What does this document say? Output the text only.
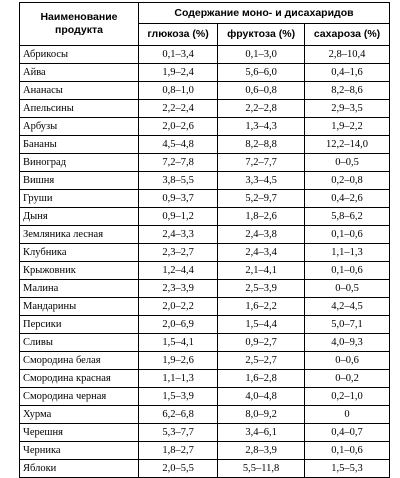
Наименование
продукта	Содержание моно- и дисахаридов		
	глюкоза (%)	фруктоза (%)	сахароза (%)
Абрикосы	0,1–3,4	0,1–3,0	2,8–10,4
Айва	1,9–2,4	5,6–6,0	0,4–1,6
Ананасы	0,8–1,0	0,6–0,8	8,2–8,6
Апельсины	2,2–2,4	2,2–2,8	2,9–3,5
Арбузы	2,0–2,6	1,3–4,3	1,9–2,2
Бананы	4,5–4,8	8,2–8,8	12,2–14,0
Виноград	7,2–7,8	7,2–7,7	0–0,5
Вишня	3,8–5,5	3,3–4,5	0,2–0,8
Груши	0,9–3,7	5,2–9,7	0,4–2,6
Дыня	0,9–1,2	1,8–2,6	5,8–6,2
Земляника лесная	2,4–3,3	2,4–3,8	0,1–0,6
Клубника	2,3–2,7	2,4–3,4	1,1–1,3
Крыжовник	1,2–4,4	2,1–4,1	0,1–0,6
Малина	2,3–3,9	2,5–3,9	0–0,5
Мандарины	2,0–2,2	1,6–2,2	4,2–4,5
Персики	2,0–6,9	1,5–4,4	5,0–7,1
Сливы	1,5–4,1	0,9–2,7	4,0–9,3
Смородина белая	1,9–2,6	2,5–2,7	0–0,6
Смородина красная	1,1–1,3	1,6–2,8	0–0,2
Смородина черная	1,5–3,9	4,0–4,8	0,2–1,0
Хурма	6,2–6,8	8,0–9,2	0
Черешня	5,3–7,7	3,4–6,1	0,4–0,7
Черника	1,8–2,7	2,8–3,9	0,1–0,6
Яблоки	2,0–5,5	5,5–11,8	1,5–5,3
